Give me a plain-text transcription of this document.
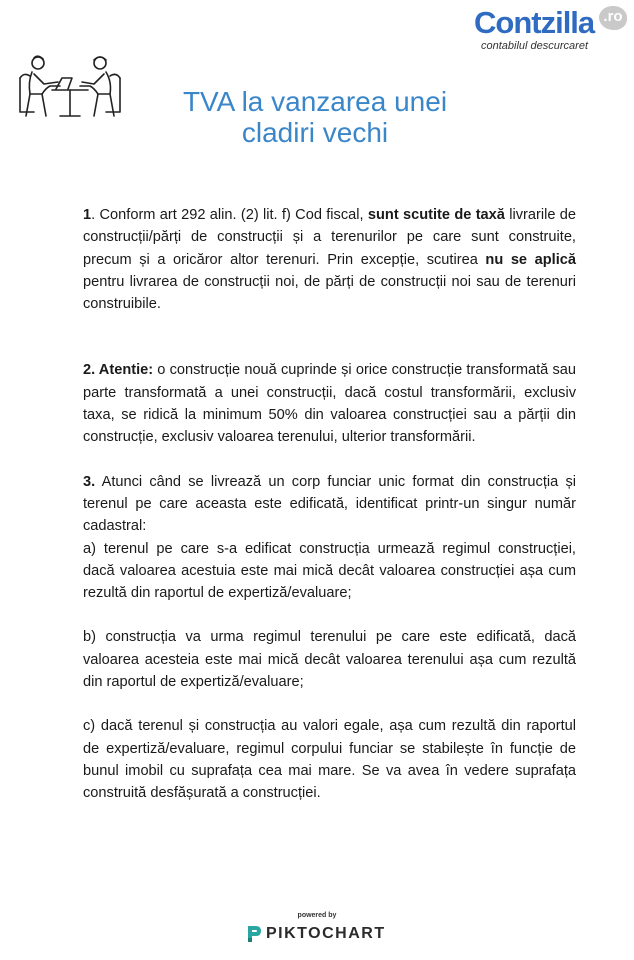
Contzilla .ro
contabilul descurcaret
TVA la vanzarea unei
cladiri vechi

1. Conform art 292 alin. (2) lit. f) Cod fiscal, sunt scutite de taxă livrarile de construcții/părți de construcții și a terenurilor pe care sunt construite, precum și a oricăror altor terenuri. Prin excepție, scutirea nu se aplică pentru livrarea de construcții noi, de părți de construcții noi sau de terenuri construibile.

2. Atentie: o construcție nouă cuprinde și orice construcție transformată sau parte transformată a unei construcții, dacă costul transformării, exclusiv taxa, se ridică la minimum 50% din valoarea construcției sau a părții din construcție, exclusiv valoarea terenului, ulterior transformării.

3. Atunci când se livrează un corp funciar unic format din construcția și terenul pe care aceasta este edificată, identificat printr-un singur număr cadastral:

a) terenul pe care s-a edificat construcția urmează regimul construcției, dacă valoarea acestuia este mai mică decât valoarea construcției așa cum rezultă din raportul de expertiză/evaluare;

b) construcția va urma regimul terenului pe care este edificată, dacă valoarea acesteia este mai mică decât valoarea terenului așa cum rezultă din raportul de expertiză/evaluare;

c) dacă terenul și construcția au valori egale, așa cum rezultă din raportul de expertiză/evaluare, regimul corpului funciar se stabilește în funcție de bunul imobil cu suprafața cea mai mare. Se va avea în vedere suprafața construită desfășurată a construcției.

powered by
PIKTOCHART
